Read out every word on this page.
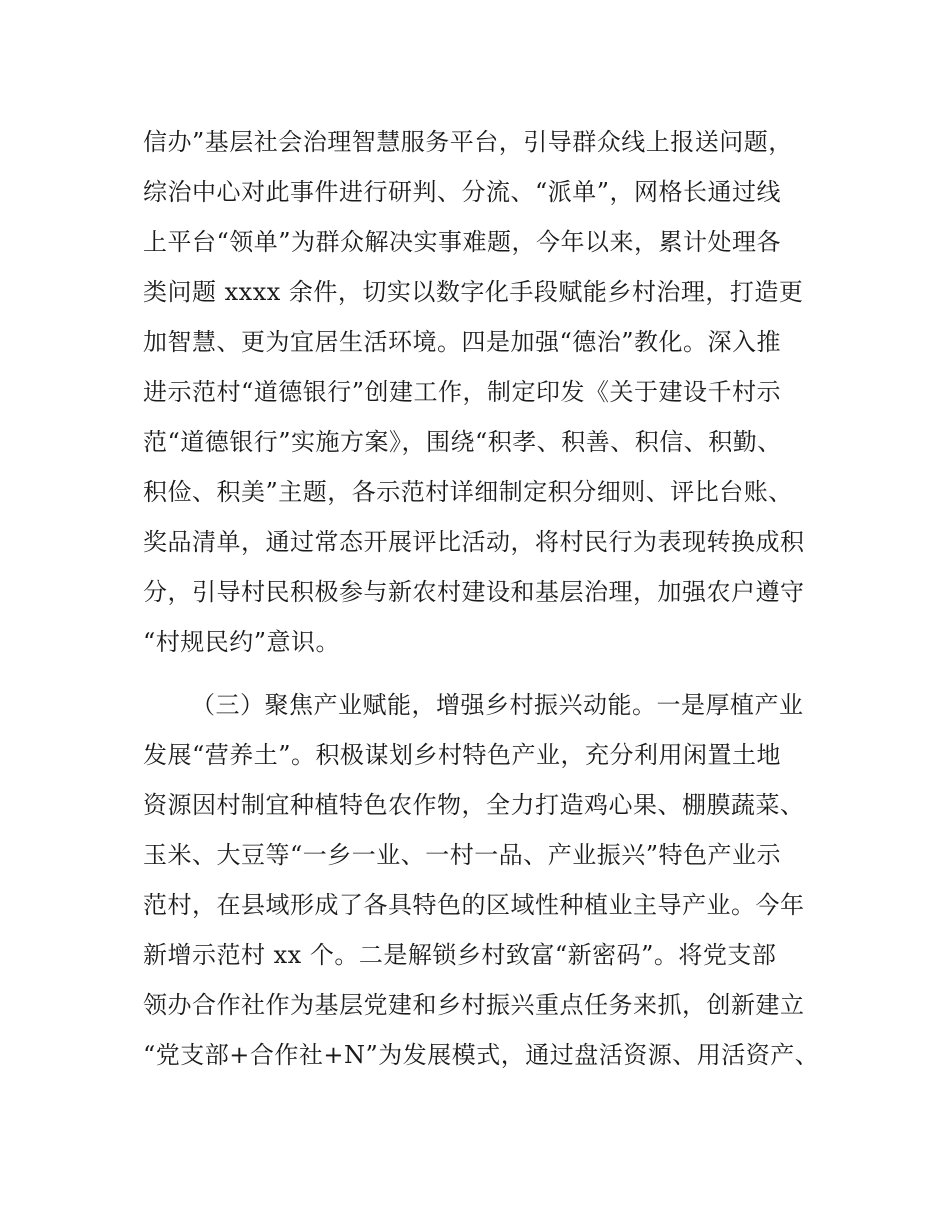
信办”基层社会治理智慧服务平台，引导群众线上报送问题，
综治中心对此事件进行研判、分流、“派单”，网格长通过线
上平台“领单”为群众解决实事难题，今年以来，累计处理各
类问题 xxxx 余件，切实以数字化手段赋能乡村治理，打造更
加智慧、更为宜居生活环境。四是加强“德治”教化。深入推
进示范村“道德银行”创建工作，制定印发《关于建设千村示
范“道德银行”实施方案》，围绕“积孝、积善、积信、积勤、
积俭、积美”主题，各示范村详细制定积分细则、评比台账、
奖品清单，通过常态开展评比活动，将村民行为表现转换成积
分，引导村民积极参与新农村建设和基层治理，加强农户遵守
“村规民约”意识。
（三）聚焦产业赋能，增强乡村振兴动能。一是厚植产业
发展“营养土”。积极谋划乡村特色产业，充分利用闲置土地
资源因村制宜种植特色农作物，全力打造鸡心果、棚膜蔬菜、
玉米、大豆等“一乡一业、一村一品、产业振兴”特色产业示
范村，在县域形成了各具特色的区域性种植业主导产业。今年
新增示范村 xx 个。二是解锁乡村致富“新密码”。将党支部
领办合作社作为基层党建和乡村振兴重点任务来抓，创新建立
“党支部+合作社+N”为发展模式，通过盘活资源、用活资产、
